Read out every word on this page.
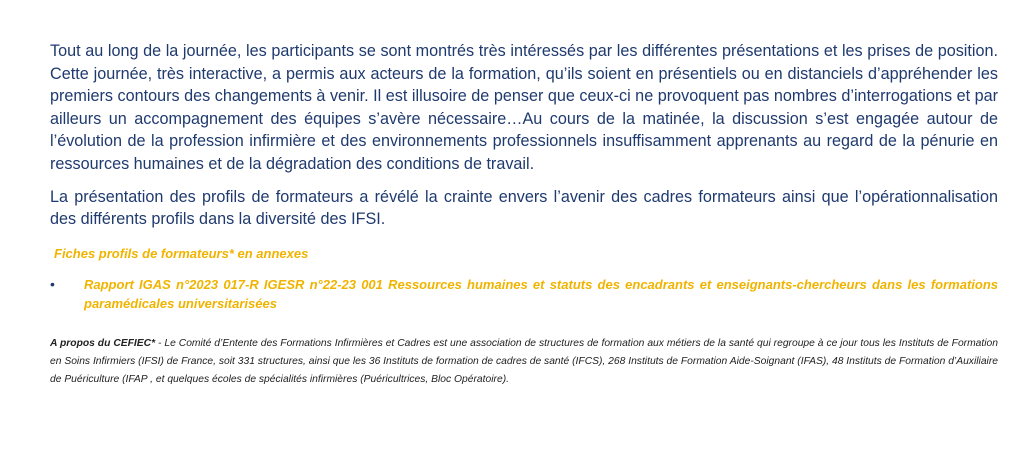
Tout au long de la journée, les participants se sont montrés très intéressés par les différentes présentations et les prises de position. Cette journée, très interactive, a permis aux acteurs de la formation, qu’ils soient en présentiels ou en distanciels d’appréhender les premiers contours des changements à venir. Il est illusoire de penser que ceux-ci ne provoquent pas nombres d’interrogations et par ailleurs un accompagnement des équipes s’avère nécessaire…Au cours de la matinée, la discussion s’est engagée autour de l’évolution de la profession infirmière et des environnements professionnels insuffisamment apprenants au regard de la pénurie en ressources humaines et de la dégradation des conditions de travail.

La présentation des profils de formateurs a révélé la crainte envers l’avenir des cadres formateurs ainsi que l’opérationnalisation des différents profils dans la diversité des IFSI.

Fiches profils de formateurs* en annexes
•	Rapport IGAS n°2023 017-R IGESR n°22-23 001 Ressources humaines et statuts des encadrants et enseignants-chercheurs dans les formations paramédicales universitarisées
A propos du CEFIEC* - Le Comité d’Entente des Formations Infirmières et Cadres est une association de structures de formation aux métiers de la santé qui regroupe à ce jour tous les Instituts de Formation en Soins Infirmiers (IFSI) de France, soit 331 structures, ainsi que les 36 Instituts de formation de cadres de santé (IFCS), 268 Instituts de Formation Aide-Soignant (IFAS), 48 Instituts de Formation d’Auxiliaire de Puériculture (IFAP , et quelques écoles de spécialités infirmières (Puéricultrices, Bloc Opératoire).
